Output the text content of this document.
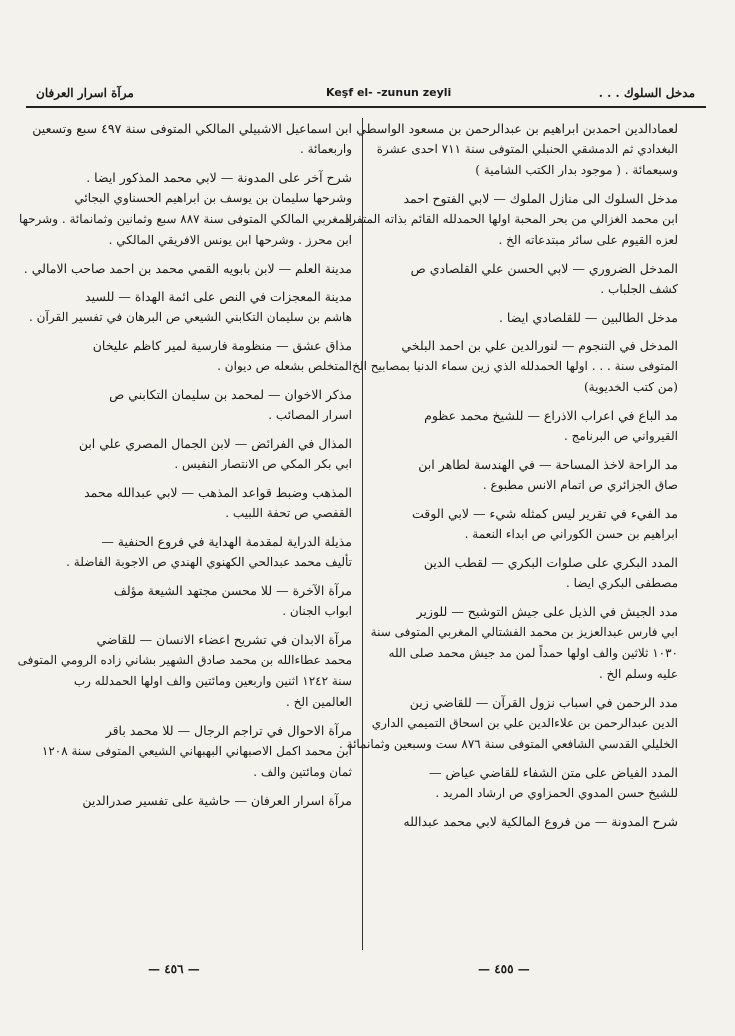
مرآة اسرار العرفان	Keşf el- -zunun zeyli	مدخل السلوك . . .
لعمادالدين احمدبن ابراهيم بن عبدالرحمن بن مسعود الواسطي
البغدادي ثم الدمشقي الحنبلي المتوفى سنة ٧١١ احدى عشرة
وسبعمائة . ( موجود بدار الكتب الشامية )
مدخل السلوك الى منازل الملوك — لابي الفتوح احمد
ابن محمد الغزالي من بحر المحبة اولها الحمدلله القائم بذاته المتفرد
لعزه القيوم على سائر مبتدعاته الخ .
المدخل الضروري — لابي الحسن علي القلصادي ص
كشف الجلباب .
مدخل الطالبين — للقلصادي ايضا .
المدخل في التنجوم — لنورالدين علي بن احمد البلخي
المتوفى سنة . . . اولها الحمدلله الذي زين سماء الدنيا بمصابيح الخ .
(من كتب الخديوية)
مد الباع في اعراب الاذراع — للشيخ محمد عظوم
القيرواني ص البرنامج .
مد الراحة لاخذ المساحة — في الهندسة لطاهر ابن
صاق الجزائري ص اتمام الانس مطبوع .
مد الفيء في تقرير ليس كمثله شيء — لابي الوقت
ابراهيم بن حسن الكوراني ص ابداء النعمة .
المدد البكري على صلوات البكري — لقطب الدين
مصطفى البكري ايضا .
مدد الجيش في الذيل على جيش التوشيح — للوزير
ابي فارس عبدالعزيز بن محمد الفشتالي المغربي المتوفى سنة
١٠٣٠ ثلاثين والف اولها حمداً لمن مد جيش محمد صلى الله
عليه وسلم الخ .
مدد الرحمن في اسباب نزول القرآن — للقاضي زين
الدين عبدالرحمن بن علاءالدين علي بن اسحاق التميمي الداري
الخليلي القدسي الشافعي المتوفى سنة ٨٧٦ ست وسبعين وثمانمائة .
المدد الفياض على متن الشفاء للقاضي عياض —
للشيخ حسن المدوي الحمزاوي ص ارشاد المريد .
شرح المدونة — من فروع المالكية لابي محمد عبدالله
ابن اسماعيل الاشبيلي المالكي المتوفى سنة ٤٩٧ سبع وتسعين
واربعمائة .
شرح آخر على المدونة — لابي محمد المذكور ايضا .
وشرحها سليمان بن يوسف بن ابراهيم الحسناوي البجائي
المغربي المالكي المتوفى سنة ٨٨٧ سبع وثمانين وثمانمائة . وشرحها
ابن محرز . وشرحها ابن يونس الافريقي المالكي .
مدينة العلم — لابن بابويه القمي محمد بن احمد صاحب الامالي .
مدينة المعجزات في النص على ائمة الهداة — للسيد
هاشم بن سليمان التكابني الشيعي ص البرهان في تفسير القرآن .
مذاق عشق — منظومة فارسية لمير كاظم عليخان
المتخلص بشعله ص ديوان .
مذكر الاخوان — لمحمد بن سليمان التكابني ص
اسرار المصائب .
المذال في الفرائض — لابن الجمال المصري علي ابن
ابي بكر المكي ص الانتصار النفيس .
المذهب وضبط قواعد المذهب — لابي عبدالله محمد
القفصي ص تحفة اللبيب .
مذيلة الدراية لمقدمة الهداية في فروع الحنفية —
تأليف محمد عبدالحي الكهنوي الهندي ص الاجوبة الفاضلة .
مرآة الآخرة — للا محسن مجتهد الشيعة مؤلف
ابواب الجنان .
مرآة الابدان في تشريح اعضاء الانسان — للقاضي
محمد عطاءالله بن محمد صادق الشهير بشاني زاده الرومي المتوفى
سنة ١٢٤٢ اثنين واربعين ومائتين والف اولها الحمدلله رب
العالمين الخ .
مرآة الاحوال في تراجم الرجال — للا محمد باقر
ابن محمد اكمل الاصبهاني البهبهاني الشيعي المتوفى سنة ١٢٠٨
ثمان ومائتين والف .
مرآة اسرار العرفان — حاشية على تفسير صدرالدين
— ٤٥٦ —	— ٤٥٥ —
